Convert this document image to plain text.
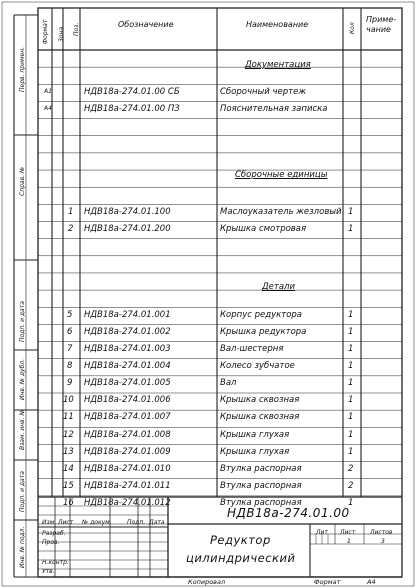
Формат Зона Поз.	Обозначение	Наименование	Кол
Приме-
чание
Документация
Сборочные единицы
Детали
А1	НДВ18а-274.01.00 СБ	Сборочный чертеж
А4	НДВ18а-274.01.00 ПЗ	Пояснительная записка
1 НДВ18а-274.01.100	Маслоуказатель жезловый 1
2 НДВ18а-274.01.200	Крышка смотровая	1
5 НДВ18а-274.01.001	Корпус редуктора	1
6 НДВ18а-274.01.002	Крышка редуктора	1
7 НДВ18а-274.01.003	Вал-шестерня	1
8 НДВ18а-274.01.004	Колесо зубчатое	1
9 НДВ18а-274.01.005	Вал	1
10 НДВ18а-274.01.006	Крышка сквозная	1
11 НДВ18а-274.01.007	Крышка сквозная	1
12 НДВ18а-274.01.008	Крышка глухая	1
13 НДВ18а-274.01.009	Крышка глухая	1
14 НДВ18а-274.01.010	Втулка распорная	2
15 НДВ18а-274.01.011	Втулка распорная	2
16 НДВ18а-274.01.012	Втулка распорная	1
Перв. примен.
Справ. №
Подп. и дата
Инв. № дубл.
Взам. инв. №
Подп. и дата
Инв. № подл.
НДВ18а-274.01.00
Редуктор
цилиндрический
Изм. Лист № докум.	Подп. Дата
Разраб.
Пров.
Н.контр.
Утв.
Лит Лист Листов
1	3
Копировал	Формат	А4
